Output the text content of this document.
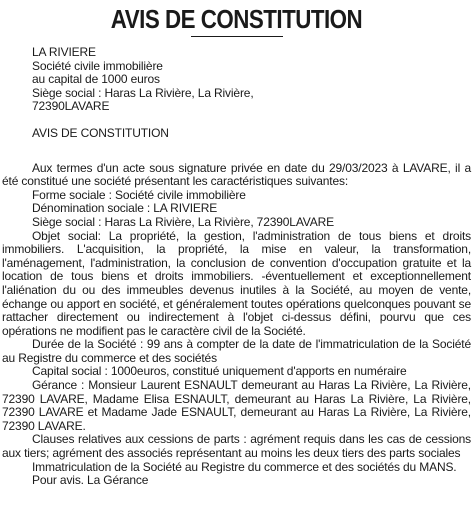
AVIS DE CONSTITUTION
LA RIVIERE
Société civile immobilière
au capital de 1000 euros
Siège social : Haras La Rivière, La Rivière,
72390LAVARE
AVIS DE CONSTITUTION

Aux termes d'un acte sous signature privée en date du 29/03/2023 à LAVARE, il a été constitué une société présentant les caractéristiques suivantes:

Forme sociale : Société civile immobilière
Dénomination sociale : LA RIVIERE
Siège social : Haras La Rivière, La Rivière, 72390LAVARE

Objet social: La propriété, la gestion, l'administration de tous biens et droits immobiliers. L'acquisition, la propriété, la mise en valeur, la transformation, l'aménagement, l'administration, la conclusion de convention d'occupation gratuite et la location de tous biens et droits immobiliers. -éventuellement et exceptionnellement l'aliénation du ou des immeubles devenus inutiles à la Société, au moyen de vente, échange ou apport en société, et généralement toutes opérations quelconques pouvant se rattacher directement ou indirectement à l'objet ci-dessus défini, pourvu que ces opérations ne modifient pas le caractère civil de la Société.

Durée de la Société : 99 ans à compter de la date de l'immatriculation de la Société au Registre du commerce et des sociétés

Capital social : 1000euros, constitué uniquement d'apports en numéraire

Gérance : Monsieur Laurent ESNAULT demeurant au Haras La Rivière, La Rivière, 72390 LAVARE, Madame Elisa ESNAULT, demeurant au Haras La Rivière, La Rivière, 72390 LAVARE et Madame Jade ESNAULT, demeurant au Haras La Rivière, La Rivière, 72390 LAVARE.

Clauses relatives aux cessions de parts : agrément requis dans les cas de cessions aux tiers; agrément des associés représentant au moins les deux tiers des parts sociales

Immatriculation de la Société au Registre du commerce et des sociétés du MANS.
Pour avis. La Gérance
